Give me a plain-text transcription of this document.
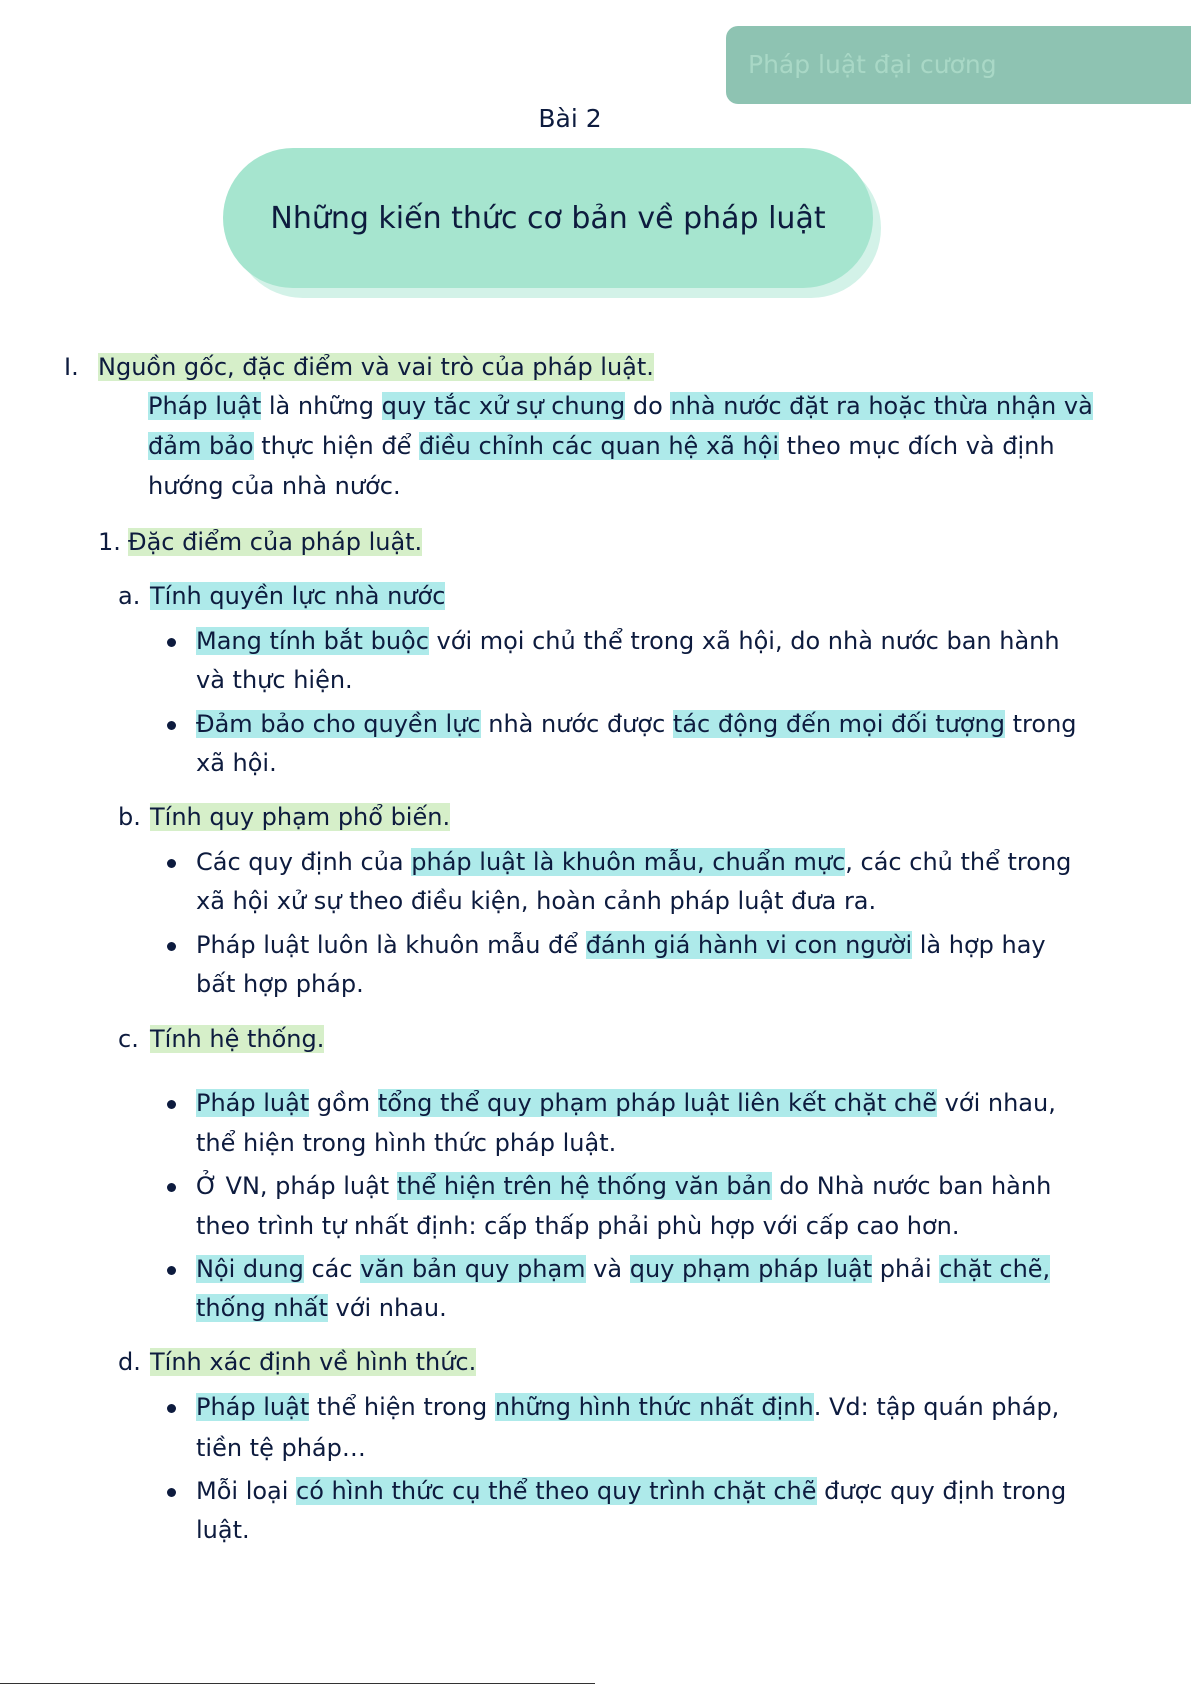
Pháp luật đại cương
Bài 2
Những kiến thức cơ bản về pháp luật
I. Nguồn gốc, đặc điểm và vai trò của pháp luật.
Pháp luật là những quy tắc xử sự chung do nhà nước đặt ra hoặc thừa nhận và
đảm bảo thực hiện để điều chỉnh các quan hệ xã hội theo mục đích và định
hướng của nhà nước.
1. Đặc điểm của pháp luật.
a. Tính quyền lực nhà nước
Mang tính bắt buộc với mọi chủ thể trong xã hội, do nhà nước ban hành
và thực hiện.
Đảm bảo cho quyền lực nhà nước được tác động đến mọi đối tượng trong
xã hội.
b. Tính quy phạm phổ biến.
Các quy định của pháp luật là khuôn mẫu, chuẩn mực, các chủ thể trong
xã hội xử sự theo điều kiện, hoàn cảnh pháp luật đưa ra.
Pháp luật luôn là khuôn mẫu để đánh giá hành vi con người là hợp hay
bất hợp pháp.
c. Tính hệ thống.
Pháp luật gồm tổng thể quy phạm pháp luật liên kết chặt chẽ với nhau,
thể hiện trong hình thức pháp luật.
Ở VN, pháp luật thể hiện trên hệ thống văn bản do Nhà nước ban hành
theo trình tự nhất định: cấp thấp phải phù hợp với cấp cao hơn.
Nội dung các văn bản quy phạm và quy phạm pháp luật phải chặt chẽ,
thống nhất với nhau.
d. Tính xác định về hình thức.
Pháp luật thể hiện trong những hình thức nhất định. Vd: tập quán pháp,
tiền tệ pháp…
Mỗi loại có hình thức cụ thể theo quy trình chặt chẽ được quy định trong
luật.
